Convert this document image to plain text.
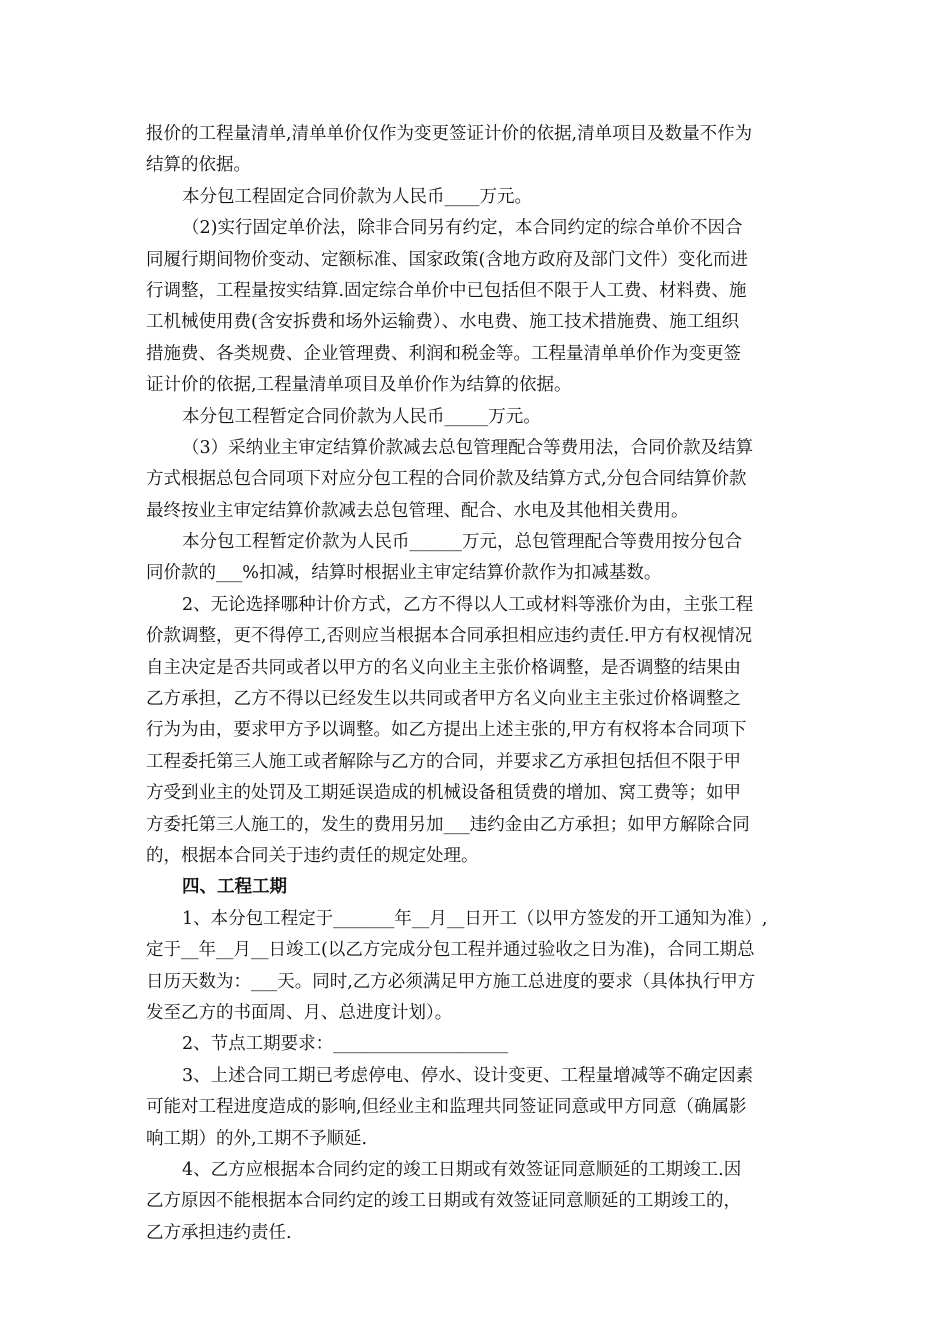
报价的工程量清单,清单单价仅作为变更签证计价的依据,清单项目及数量不作为
结算的依据。
本分包工程固定合同价款为人民币____万元。
（2)实行固定单价法，除非合同另有约定，本合同约定的综合单价不因合
同履行期间物价变动、定额标准、国家政策(含地方政府及部门文件）变化而进
行调整，工程量按实结算.固定综合单价中已包括但不限于人工费、材料费、施
工机械使用费(含安拆费和场外运输费）、水电费、施工技术措施费、施工组织
措施费、各类规费、企业管理费、利润和税金等。工程量清单单价作为变更签
证计价的依据,工程量清单项目及单价作为结算的依据。
本分包工程暂定合同价款为人民币_____万元。
（3）采纳业主审定结算价款减去总包管理配合等费用法，合同价款及结算
方式根据总包合同项下对应分包工程的合同价款及结算方式,分包合同结算价款
最终按业主审定结算价款减去总包管理、配合、水电及其他相关费用。
本分包工程暂定价款为人民币______万元，总包管理配合等费用按分包合
同价款的___%扣减，结算时根据业主审定结算价款作为扣减基数。
2、无论选择哪种计价方式，乙方不得以人工或材料等涨价为由，主张工程
价款调整，更不得停工,否则应当根据本合同承担相应违约责任.甲方有权视情况
自主决定是否共同或者以甲方的名义向业主主张价格调整，是否调整的结果由
乙方承担，乙方不得以已经发生以共同或者甲方名义向业主主张过价格调整之
行为为由，要求甲方予以调整。如乙方提出上述主张的,甲方有权将本合同项下
工程委托第三人施工或者解除与乙方的合同，并要求乙方承担包括但不限于甲
方受到业主的处罚及工期延误造成的机械设备租赁费的增加、窝工费等；如甲
方委托第三人施工的，发生的费用另加___违约金由乙方承担；如甲方解除合同
的，根据本合同关于违约责任的规定处理。
四、工程工期
1、本分包工程定于_______年__月__日开工（以甲方签发的开工通知为准）,
定于__年__月__日竣工(以乙方完成分包工程并通过验收之日为准)，合同工期总
日历天数为：___天。同时,乙方必须满足甲方施工总进度的要求（具体执行甲方
发至乙方的书面周、月、总进度计划）。
2、节点工期要求：____________________
3、上述合同工期已考虑停电、停水、设计变更、工程量增减等不确定因素
可能对工程进度造成的影响,但经业主和监理共同签证同意或甲方同意（确属影
响工期）的外,工期不予顺延.
4、乙方应根据本合同约定的竣工日期或有效签证同意顺延的工期竣工.因
乙方原因不能根据本合同约定的竣工日期或有效签证同意顺延的工期竣工的，
乙方承担违约责任.
